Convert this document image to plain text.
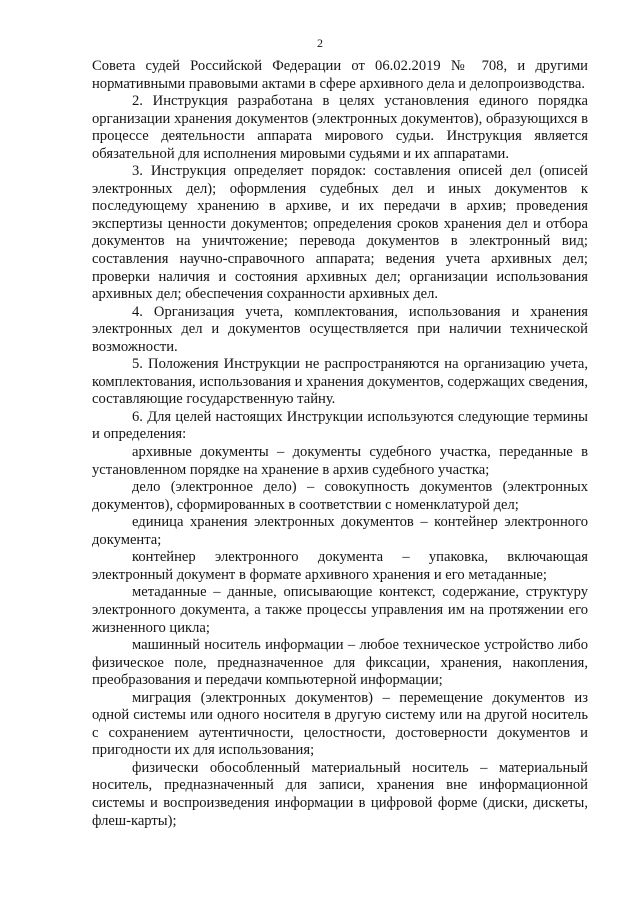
2

Совета судей Российской Федерации от 06.02.2019 № 708, и другими нормативными правовыми актами в сфере архивного дела и делопроизводства.

2. Инструкция разработана в целях установления единого порядка организации хранения документов (электронных документов), образующихся в процессе деятельности аппарата мирового судьи. Инструкция является обязательной для исполнения мировыми судьями и их аппаратами.

3. Инструкция определяет порядок: составления описей дел (описей электронных дел); оформления судебных дел и иных документов к последующему хранению в архиве, и их передачи в архив; проведения экспертизы ценности документов; определения сроков хранения дел и отбора документов на уничтожение; перевода документов в электронный вид; составления научно-справочного аппарата; ведения учета архивных дел; проверки наличия и состояния архивных дел; организации использования архивных дел; обеспечения сохранности архивных дел.

4. Организация учета, комплектования, использования и хранения электронных дел и документов осуществляется при наличии технической возможности.

5. Положения Инструкции не распространяются на организацию учета, комплектования, использования и хранения документов, содержащих сведения, составляющие государственную тайну.

6. Для целей настоящих Инструкции используются следующие термины и определения:

архивные документы – документы судебного участка, переданные в установленном порядке на хранение в архив судебного участка;

дело (электронное дело) – совокупность документов (электронных документов), сформированных в соответствии с номенклатурой дел;

единица хранения электронных документов – контейнер электронного документа;

контейнер электронного документа – упаковка, включающая электронный документ в формате архивного хранения и его метаданные;

метаданные – данные, описывающие контекст, содержание, структуру электронного документа, а также процессы управления им на протяжении его жизненного цикла;

машинный носитель информации – любое техническое устройство либо физическое поле, предназначенное для фиксации, хранения, накопления, преобразования и передачи компьютерной информации;

миграция (электронных документов) – перемещение документов из одной системы или одного носителя в другую систему или на другой носитель с сохранением аутентичности, целостности, достоверности документов и пригодности их для использования;

физически обособленный материальный носитель – материальный носитель, предназначенный для записи, хранения вне информационной системы и воспроизведения информации в цифровой форме (диски, дискеты, флеш-карты);
